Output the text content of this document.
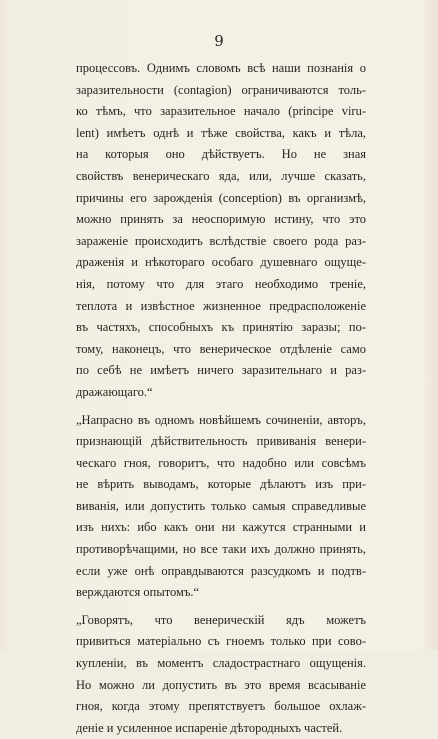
9
процессовъ. Однимъ словомъ всѣ наши познанія о
заразительности (contagion) ограничиваются толь-
ко тѣмъ, что заразительное начало (principe viru-
lent) имѣетъ однѣ и тѣже свойства, какъ и тѣла,
на которыя оно дѣйствуетъ. Но не зная
свойствъ венерическаго яда, или, лучше сказать,
причины его зарожденія (conception) въ организмѣ,
можно принять за неоспоримую истину, что это
зараженіе происходитъ вслѣдствіе своего рода раз-
драженія и нѣкотораго особаго душевнаго ощуще-
нія, потому что для этаго необходимо треніе,
теплота и извѣстное жизненное предрасположеніе
въ частяхъ, способныхъ къ принятію заразы; по-
тому, наконецъ, что венерическое отдѣленіе само
по себѣ не имѣетъ ничего заразительнаго и раз-
дражающаго.“
„Напрасно въ одномъ новѣйшемъ сочиненіи, авторъ,
признающій дѣйствительность прививанія венери-
ческаго гноя, говоритъ, что надобно или совсѣмъ
не вѣрить выводамъ, которые дѣлаютъ изъ при-
виванія, или допустить только самыя справедливые
изъ нихъ: ибо какъ они ни кажутся странными и
противорѣчащими, но все таки ихъ должно принять,
если уже онѣ оправдываются разсудкомъ и подтв-
верждаются опытомъ.“
„Говорятъ, что венерическій ядъ можетъ
привиться матеріально съ гноемъ только при сово-
купленіи, въ моментъ сладострастнаго ощущенія.
Но можно ли допустить въ это время всасываніе
гноя, когда этому препятствуетъ большое охлаж-
деніе и усиленное испареніе дѣтородныхъ частей.
